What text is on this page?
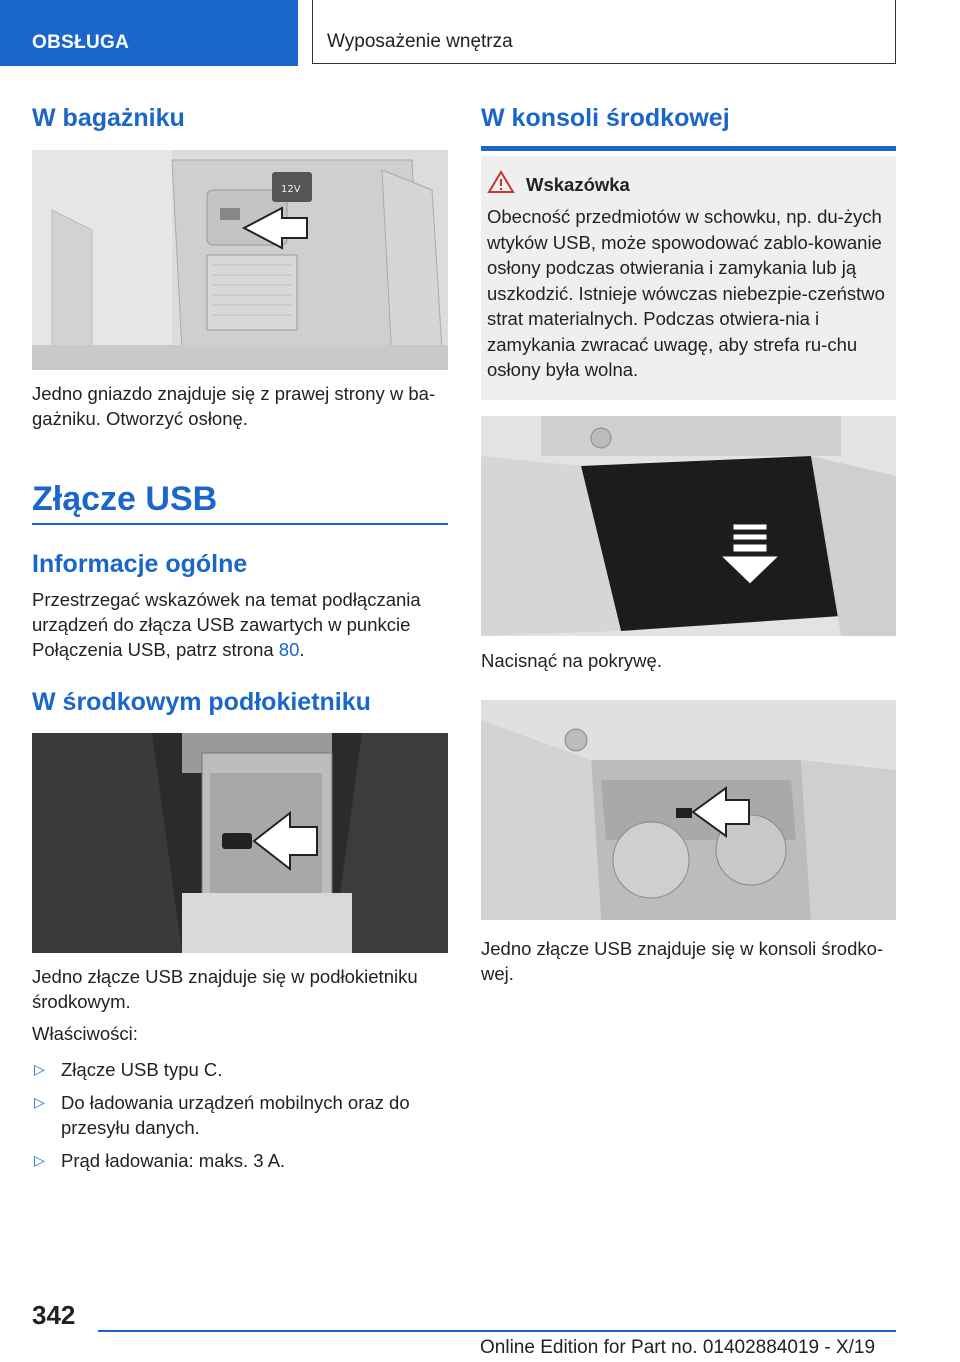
OBSŁUGA	Wyposażenie wnętrza
W bagażniku
12V

Jedno gniazdo znajduje się z prawej strony w ba-gażniku. Otworzyć osłonę.

Złącze USB
Informacje ogólne

Przestrzegać wskazówek na temat podłączania urządzeń do złącza USB zawartych w punkcie Połączenia USB, patrz strona 80.

W środkowym podłokietniku

Jedno złącze USB znajduje się w podłokietniku środkowym.

Właściwości:

▷ Złącze USB typu C.
▷ Do ładowania urządzeń mobilnych oraz do przesyłu danych.
▷ Prąd ładowania: maks. 3 A.
W konsoli środkowej
Wskazówka
Obecność przedmiotów w schowku, np. du-żych wtyków USB, może spowodować zablo-kowanie osłony podczas otwierania i zamykania lub ją uszkodzić. Istnieje wówczas niebezpie-czeństwo strat materialnych. Podczas otwiera-nia i zamykania zwracać uwagę, aby strefa ru-chu osłony była wolna.

Nacisnąć na pokrywę.

Jedno złącze USB znajduje się w konsoli środko-wej.

342
Online Edition for Part no. 01402884019 - X/19
